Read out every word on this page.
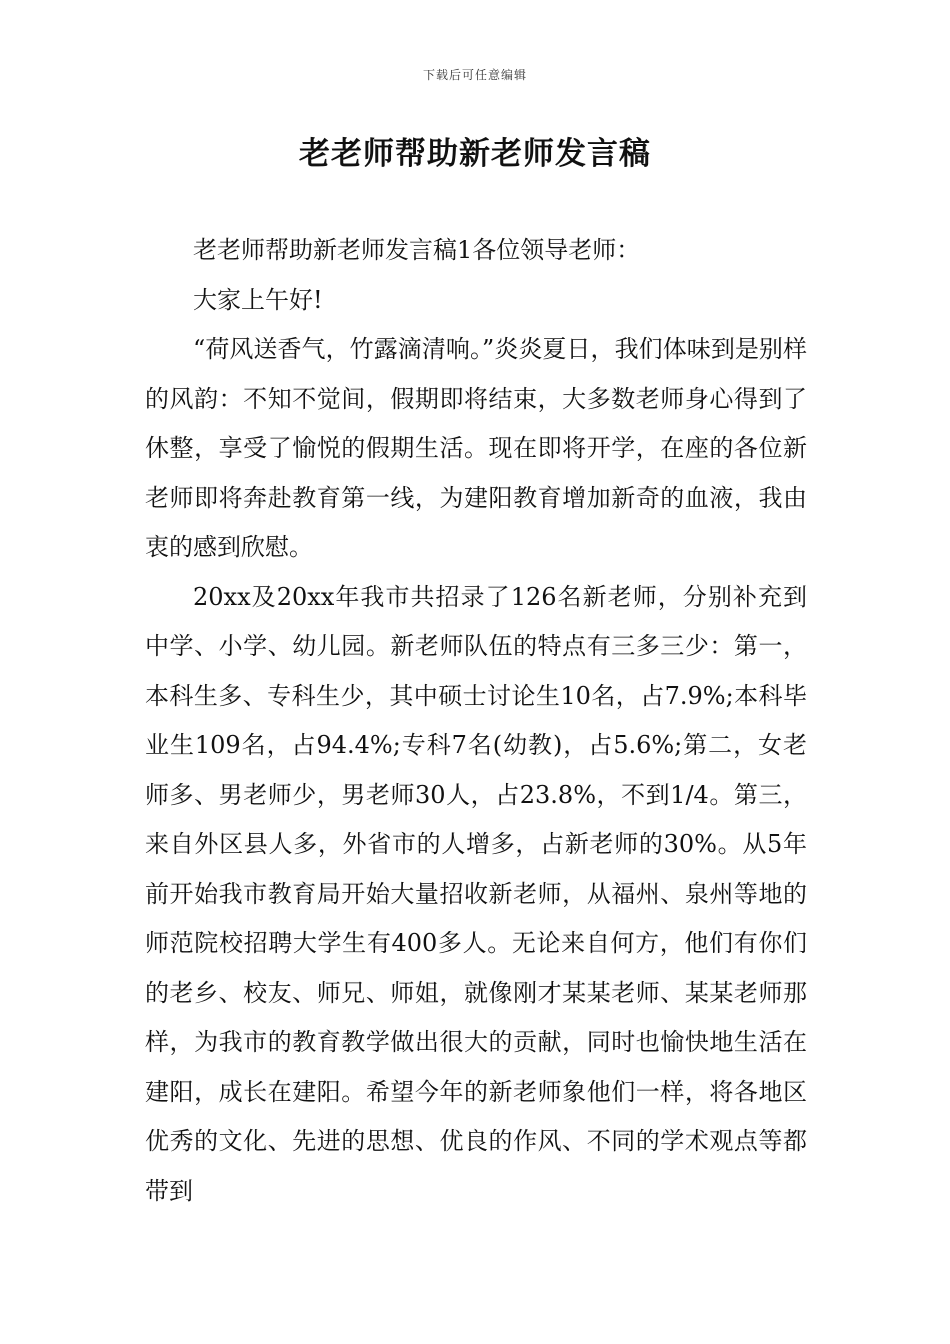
下载后可任意编辑
老老师帮助新老师发言稿

老老师帮助新老师发言稿1各位领导老师：

大家上午好!

“荷风送香气，竹露滴清响。”炎炎夏日，我们体味到是别样的风韵：不知不觉间，假期即将结束，大多数老师身心得到了休整，享受了愉悦的假期生活。现在即将开学，在座的各位新老师即将奔赴教育第一线，为建阳教育增加新奇的血液，我由衷的感到欣慰。

20xx及20xx年我市共招录了126名新老师，分别补充到中学、小学、幼儿园。新老师队伍的特点有三多三少：第一，本科生多、专科生少，其中硕士讨论生10名，占7.9%;本科毕业生109名，占94.4%;专科7名(幼教)，占5.6%;第二，女老师多、男老师少，男老师30人，占23.8%，不到1/4。第三，来自外区县人多，外省市的人增多，占新老师的30%。从5年前开始我市教育局开始大量招收新老师，从福州、泉州等地的师范院校招聘大学生有400多人。无论来自何方，他们有你们的老乡、校友、师兄、师姐，就像刚才某某老师、某某老师那样，为我市的教育教学做出很大的贡献，同时也愉快地生活在建阳，成长在建阳。希望今年的新老师象他们一样，将各地区优秀的文化、先进的思想、优良的作风、不同的学术观点等都带到
